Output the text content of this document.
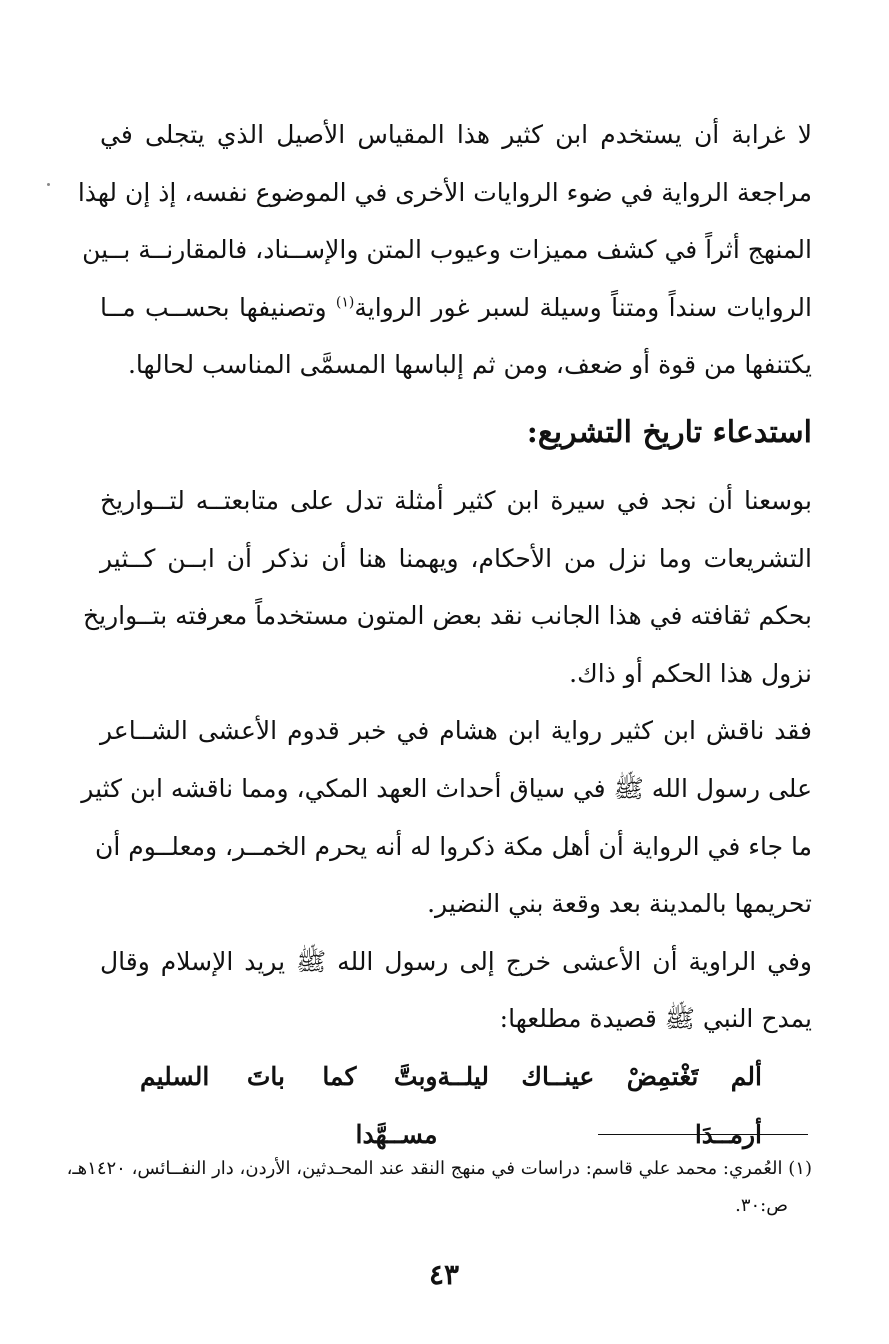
لا غرابة أن يستخدم ابن كثير هذا المقياس الأصيل الذي يتجلى في
مراجعة الرواية في ضوء الروايات الأخرى في الموضوع نفسه، إذ إن لهذا
المنهج أثراً في كشف مميزات وعيوب المتن والإســناد، فالمقارنــة بــين
الروايات سنداً ومتناً وسيلة لسبر غور الرواية$^{(١)}$ وتصنيفها بحســب مــا
يكتنفها من قوة أو ضعف، ومن ثم إلباسها المسمَّى المناسب لحالها.
استدعاء تاريخ التشريع:
بوسعنا أن نجد في سيرة ابن كثير أمثلة تدل على متابعتــه لتــواريخ
التشريعات وما نزل من الأحكام، ويهمنا هنا أن نذكر أن ابــن كــثير
بحكم ثقافته في هذا الجانب نقد بعض المتون مستخدماً معرفته بتــواريخ
نزول هذا الحكم أو ذاك.
فقد ناقش ابن كثير رواية ابن هشام في خبر قدوم الأعشى الشــاعر
على رسول الله ﷺ في سياق أحداث العهد المكي، ومما ناقشه ابن كثير
ما جاء في الرواية أن أهل مكة ذكروا له أنه يحرم الخمــر، ومعلــوم أن
تحريمها بالمدينة بعد وقعة بني النضير.
وفي الراوية أن الأعشى خرج إلى رسول الله ﷺ يريد الإسلام وقال
يمدح النبي ﷺ قصيدة مطلعها:
ألم تَغْتمِضْ عينــاك ليلــة أرمــدَا
وبتَّ كما باتَ السليم مســهَّدا
(١) العُمري: محمد علي قاسم: دراسات في منهج النقد عند المحـدثين، الأردن، دار النفــائس، ١٤٢٠هـ،
ص:٣٠.
٤٣
